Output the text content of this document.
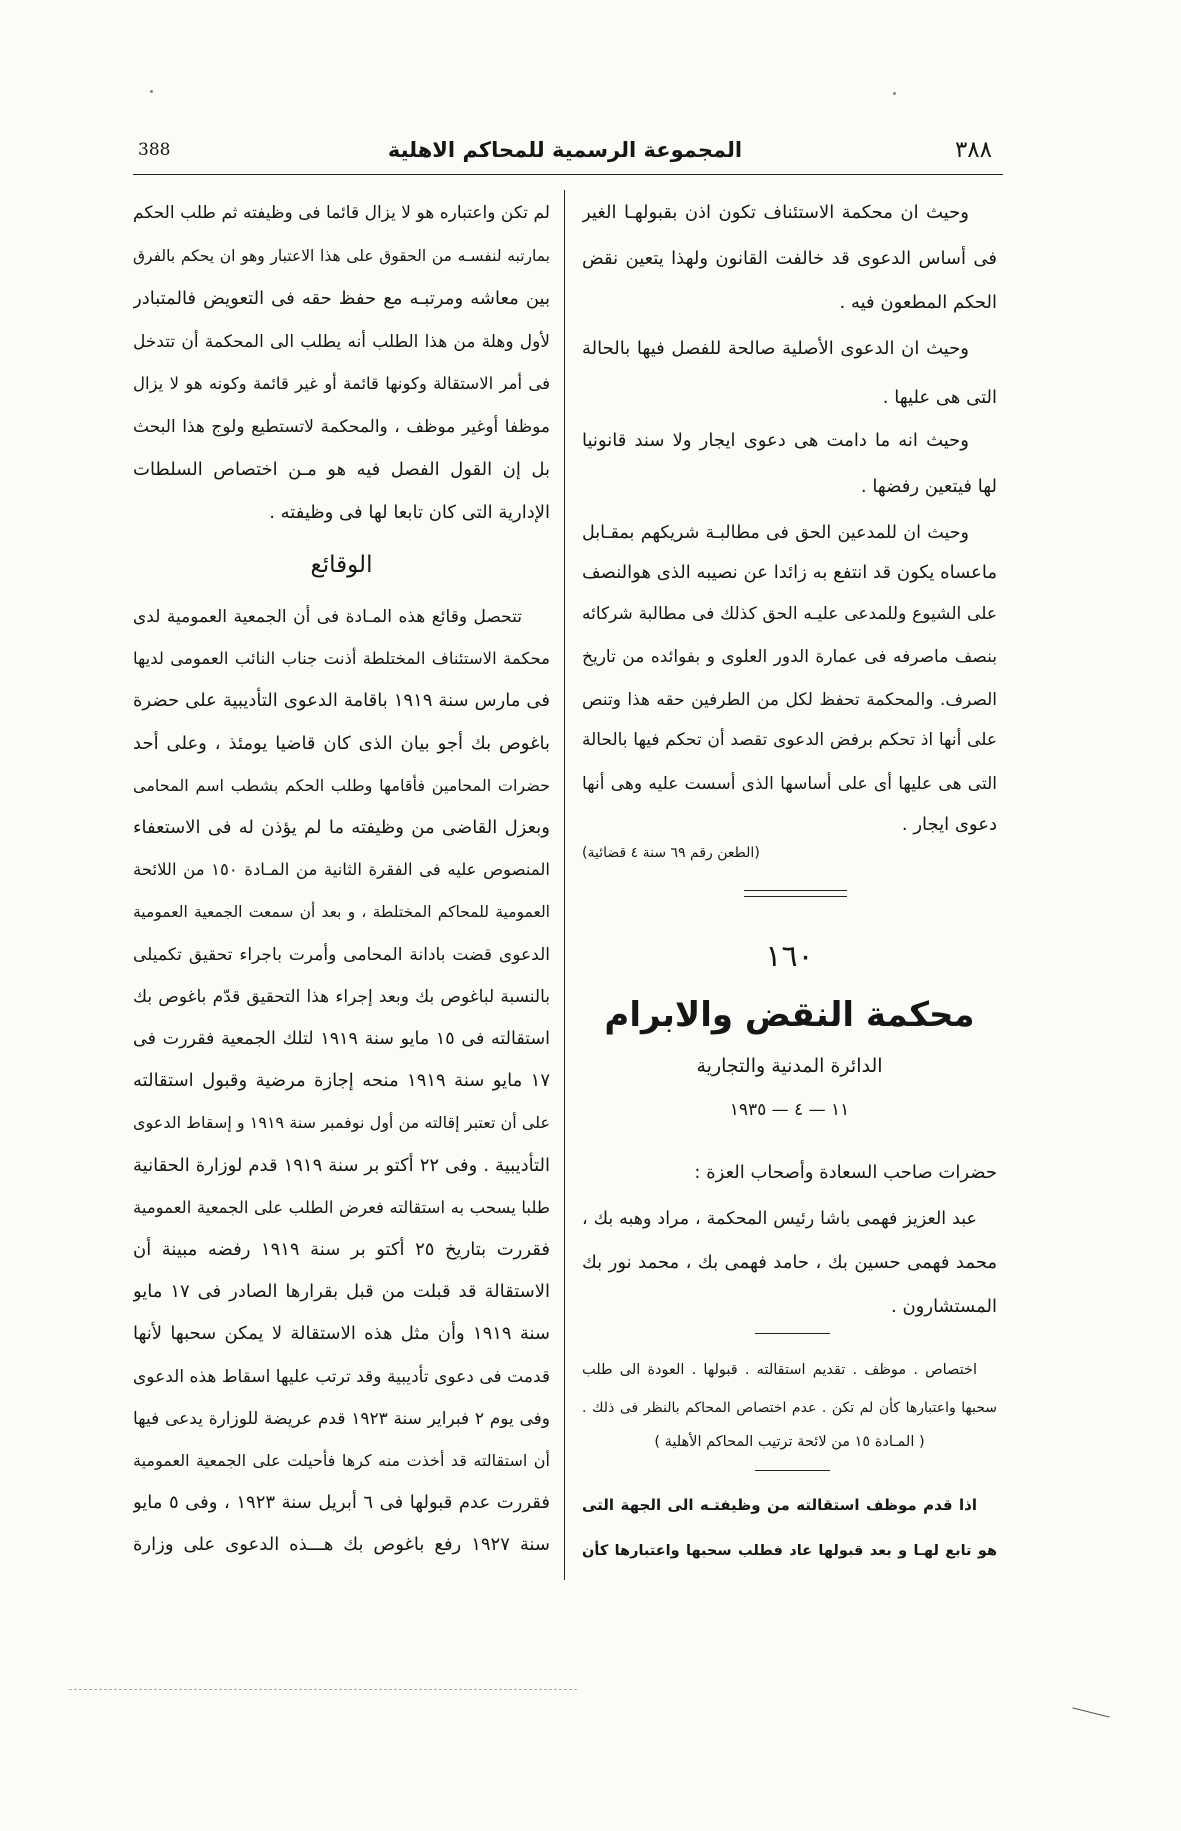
388	المجموعة الرسمية للمحاكم الاهلية	٣٨٨
وحيث ان محكمة الاستئناف تكون اذن بقبولهـا الغير
فى أساس الدعوى قد خالفت القانون ولهذا يتعين نقض
الحكم المطعون فيه .
وحيث ان الدعوى الأصلية صالحة للفصل فيها بالحالة
التى هى عليها .
وحيث انه ما دامت هى دعوى ايجار ولا سند قانونيا
لها فيتعين رفضها .
وحيث ان للمدعين الحق فى مطالبـة شريكهم بمقـابل
ماعساه يكون قد انتفع به زائدا عن نصيبه الذى هوالنصف
على الشيوع وللمدعى عليـه الحق كذلك فى مطالبة شركائه
بنصف ماصرفه فى عمارة الدور العلوى و بفوائده من تاريخ
الصرف. والمحكمة تحفظ لكل من الطرفين حقه هذا وتنص
على أنها اذ تحكم برفض الدعوى تقصد أن تحكم فيها بالحالة
التى هى عليها أى على أساسها الذى أسست عليه وهى أنها
دعوى ايجار .
(الطعن رقم ٦٩ سنة ٤ قضائية)
١٦٠
محكمة النقض والابرام
الدائرة المدنية والتجارية
١١ — ٤ — ١٩٣٥
حضرات صاحب السعادة وأصحاب العزة :
عبد العزيز فهمى باشا رئيس المحكمة ، مراد وهبه بك ،
محمد فهمى حسين بك ، حامد فهمى بك ، محمد نور بك
المستشارون .
اختصاص . موظف . تقديم استقالته . قبولها . العودة الى طلب
سحبها واعتبارها كأن لم تكن . عدم اختصاص المحاكم بالنظر فى ذلك .
( المـادة ١٥ من لائحة ترتيب المحاكم الأهلية )
اذا قدم موظف استقالته من وظيفتـه الى الجهة التى
هو تابع لهـا و بعد قبولها عاد فطلب سحبها واعتبارها كأن
لم تكن واعتباره هو لا يزال قائما فى وظيفته ثم طلب الحكم
بمارتبه لنفسـه من الحقوق على هذا الاعتبار وهو ان يحكم بالفرق
بين معاشه ومرتبـه مع حفظ حقه فى التعويض فالمتبادر
لأول وهلة من هذا الطلب أنه يطلب الى المحكمة أن تتدخل
فى أمر الاستقالة وكونها قائمة أو غير قائمة وكونه هو لا يزال
موظفا أوغير موظف ، والمحكمة لاتستطيع ولوج هذا البحث
بل إن القول الفصل فيه هو مـن اختصاص السلطات
الإدارية التى كان تابعا لها فى وظيفته .
الوقائع
تتحصل وقائع هذه المـادة فى أن الجمعية العمومية لدى
محكمة الاستئناف المختلطة أذنت جناب النائب العمومى لديها
فى مارس سنة ١٩١٩ باقامة الدعوى التأديبية على حضرة
باغوص بك أجو بيان الذى كان قاضيا يومئذ ، وعلى أحد
حضرات المحامين فأقامها وطلب الحكم بشطب اسم المحامى
وبعزل القاضى من وظيفته ما لم يؤذن له فى الاستعفاء
المنصوص عليه فى الفقرة الثانية من المـادة ١٥٠ من اللائحة
العمومية للمحاكم المختلطة ، و بعد أن سمعت الجمعية العمومية
الدعوى قضت بادانة المحامى وأمرت باجراء تحقيق تكميلى
بالنسبة لباغوص بك وبعد إجراء هذا التحقيق قدّم باغوص بك
استقالته فى ١٥ مايو سنة ١٩١٩ لتلك الجمعية فقررت فى
١٧ مايو سنة ١٩١٩ منحه إجازة مرضية وقبول استقالته
على أن تعتبر إقالته من أول نوفمبر سنة ١٩١٩ و إسقاط الدعوى
التأديبية . وفى ٢٢ أكتو بر سنة ١٩١٩ قدم لوزارة الحقانية
طلبا يسحب به استقالته فعرض الطلب على الجمعية العمومية
فقررت بتاريخ ٢٥ أكتو بر سنة ١٩١٩ رفضه مبينة أن
الاستقالة قد قبلت من قبل بقرارها الصادر فى ١٧ مايو
سنة ١٩١٩ وأن مثل هذه الاستقالة لا يمكن سحبها لأنها
قدمت فى دعوى تأديبية وقد ترتب عليها اسقاط هذه الدعوى
وفى يوم ٢ فبراير سنة ١٩٢٣ قدم عريضة للوزارة يدعى فيها
أن استقالته قد أخذت منه كرها فأحيلت على الجمعية العمومية
فقررت عدم قبولها فى ٦ أبريل سنة ١٩٢٣ ، وفى ٥ مايو
سنة ١٩٢٧ رفع باغوص بك هـــذه الدعوى على وزارة
